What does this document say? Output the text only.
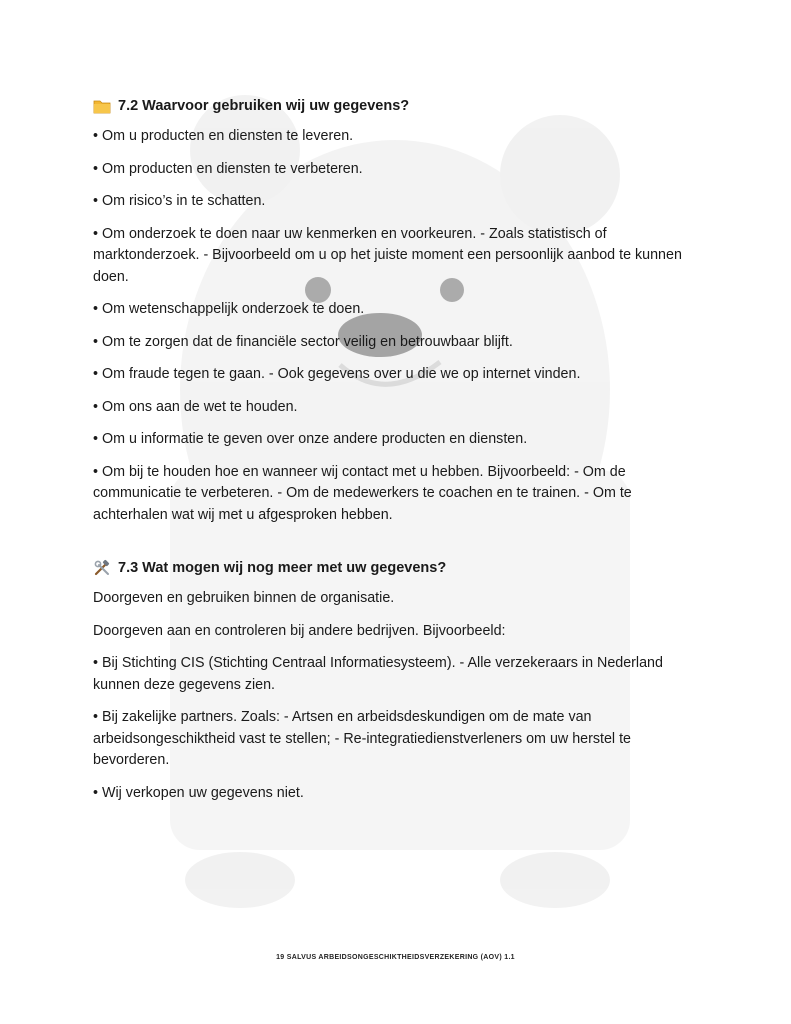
7.2 Waarvoor gebruiken wij uw gegevens?

• Om u producten en diensten te leveren.

• Om producten en diensten te verbeteren.

• Om risico’s in te schatten.

• Om onderzoek te doen naar uw kenmerken en voorkeuren. - Zoals statistisch of marktonderzoek. - Bijvoorbeeld om u op het juiste moment een persoonlijk aanbod te kunnen doen.

• Om wetenschappelijk onderzoek te doen.

• Om te zorgen dat de financiële sector veilig en betrouwbaar blijft.

• Om fraude tegen te gaan. - Ook gegevens over u die we op internet vinden.

• Om ons aan de wet te houden.

• Om u informatie te geven over onze andere producten en diensten.

• Om bij te houden hoe en wanneer wij contact met u hebben. Bijvoorbeeld: - Om de communicatie te verbeteren. - Om de medewerkers te coachen en te trainen. - Om te achterhalen wat wij met u afgesproken hebben.

7.3 Wat mogen wij nog meer met uw gegevens?

Doorgeven en gebruiken binnen de organisatie.

Doorgeven aan en controleren bij andere bedrijven. Bijvoorbeeld:

• Bij Stichting CIS (Stichting Centraal Informatiesysteem). - Alle verzekeraars in Nederland kunnen deze gegevens zien.

• Bij zakelijke partners. Zoals: - Artsen en arbeidsdeskundigen om de mate van arbeidsongeschiktheid vast te stellen; - Re-integratiedienstverleners om uw herstel te bevorderen.

• Wij verkopen uw gegevens niet.

19 SALVUS ARBEIDSONGESCHIKTHEIDSVERZEKERING (AOV) 1.1
